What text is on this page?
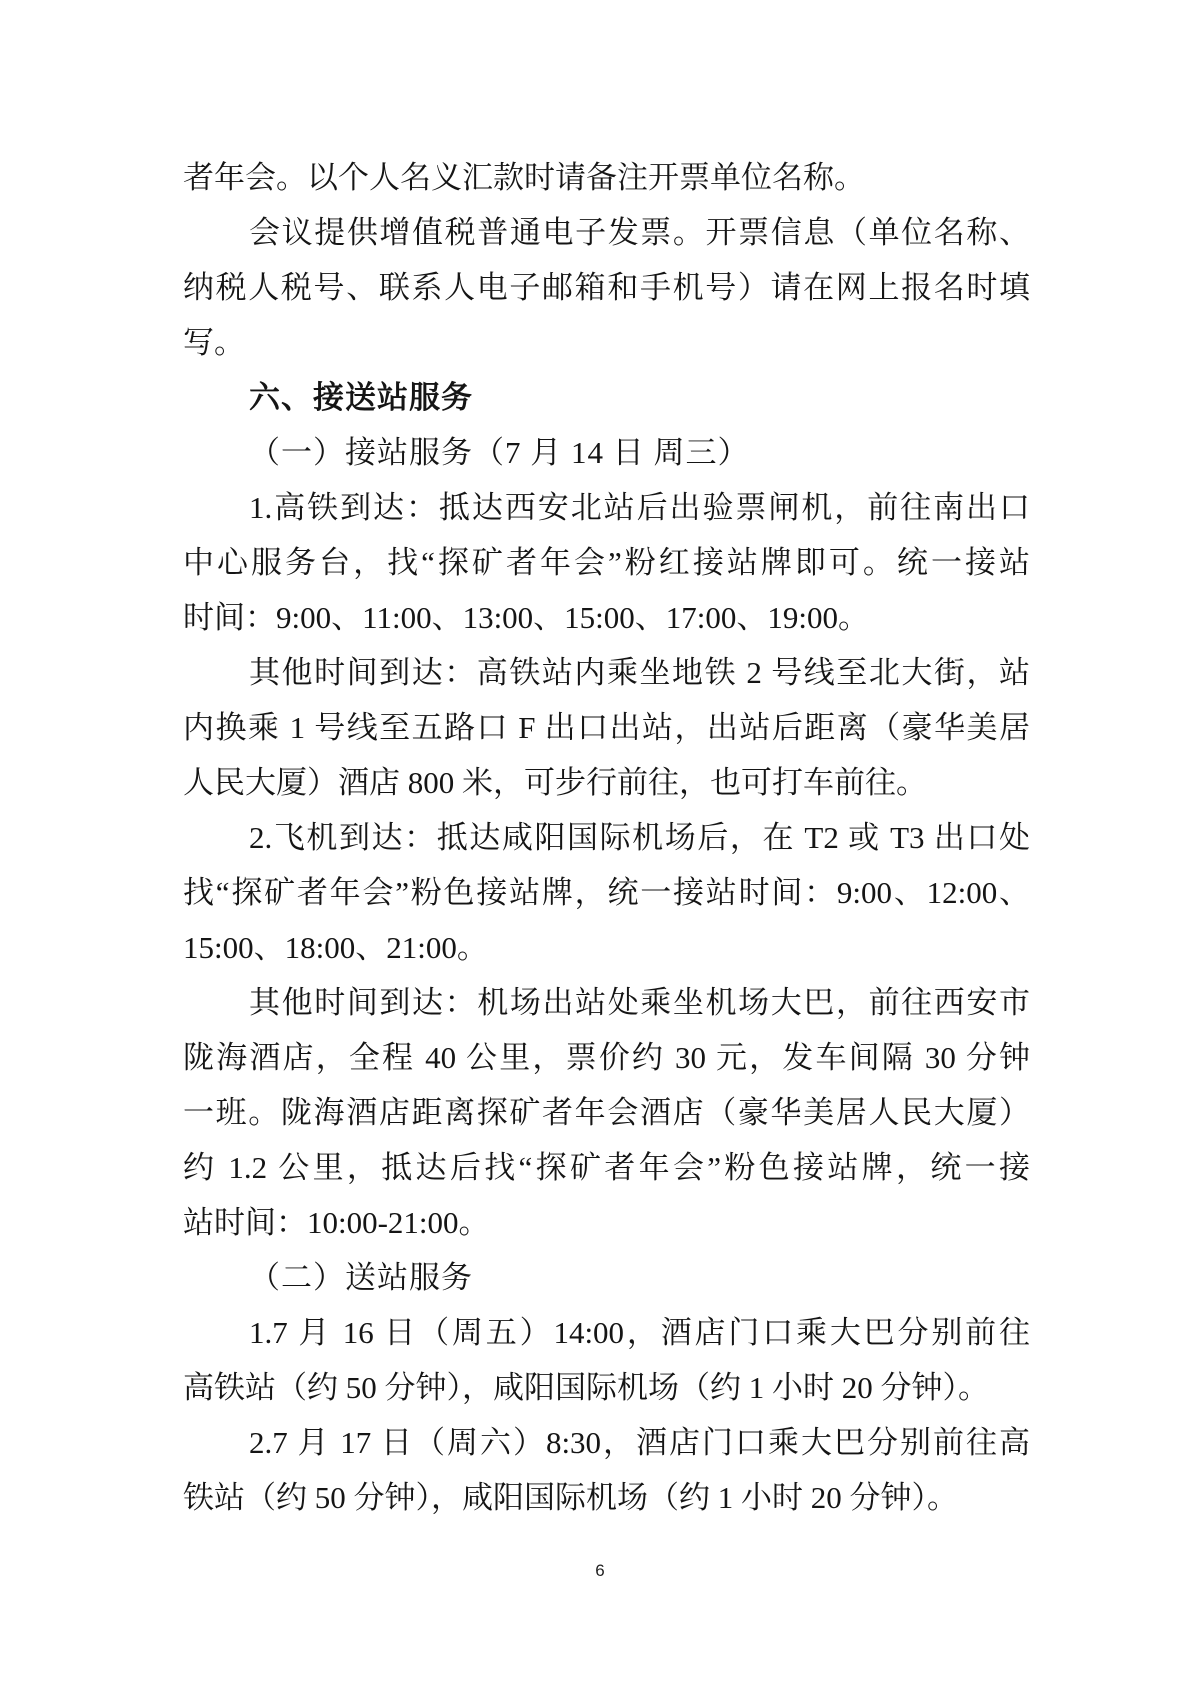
者年会。以个人名义汇款时请备注开票单位名称。
会议提供增值税普通电子发票。开票信息（单位名称、
纳税人税号、联系人电子邮箱和手机号）请在网上报名时填
写。
六、接送站服务
（一）接站服务（7 月 14 日 周三）
1.高铁到达：抵达西安北站后出验票闸机，前往南出口
中心服务台，找“探矿者年会”粉红接站牌即可。统一接站
时间：9:00、11:00、13:00、15:00、17:00、19:00。
其他时间到达：高铁站内乘坐地铁 2 号线至北大街，站
内换乘 1 号线至五路口 F 出口出站，出站后距离（豪华美居
人民大厦）酒店 800 米，可步行前往，也可打车前往。
2.飞机到达：抵达咸阳国际机场后，在 T2 或 T3 出口处
找“探矿者年会”粉色接站牌，统一接站时间：9:00、12:00、
15:00、18:00、21:00。
其他时间到达：机场出站处乘坐机场大巴，前往西安市
陇海酒店，全程 40 公里，票价约 30 元，发车间隔 30 分钟
一班。陇海酒店距离探矿者年会酒店（豪华美居人民大厦）
约 1.2 公里，抵达后找“探矿者年会”粉色接站牌，统一接
站时间：10:00-21:00。
（二）送站服务
1.7 月 16 日（周五）14:00，酒店门口乘大巴分别前往
高铁站（约 50 分钟），咸阳国际机场（约 1 小时 20 分钟）。
2.7 月 17 日（周六）8:30，酒店门口乘大巴分别前往高
铁站（约 50 分钟），咸阳国际机场（约 1 小时 20 分钟）。
6
